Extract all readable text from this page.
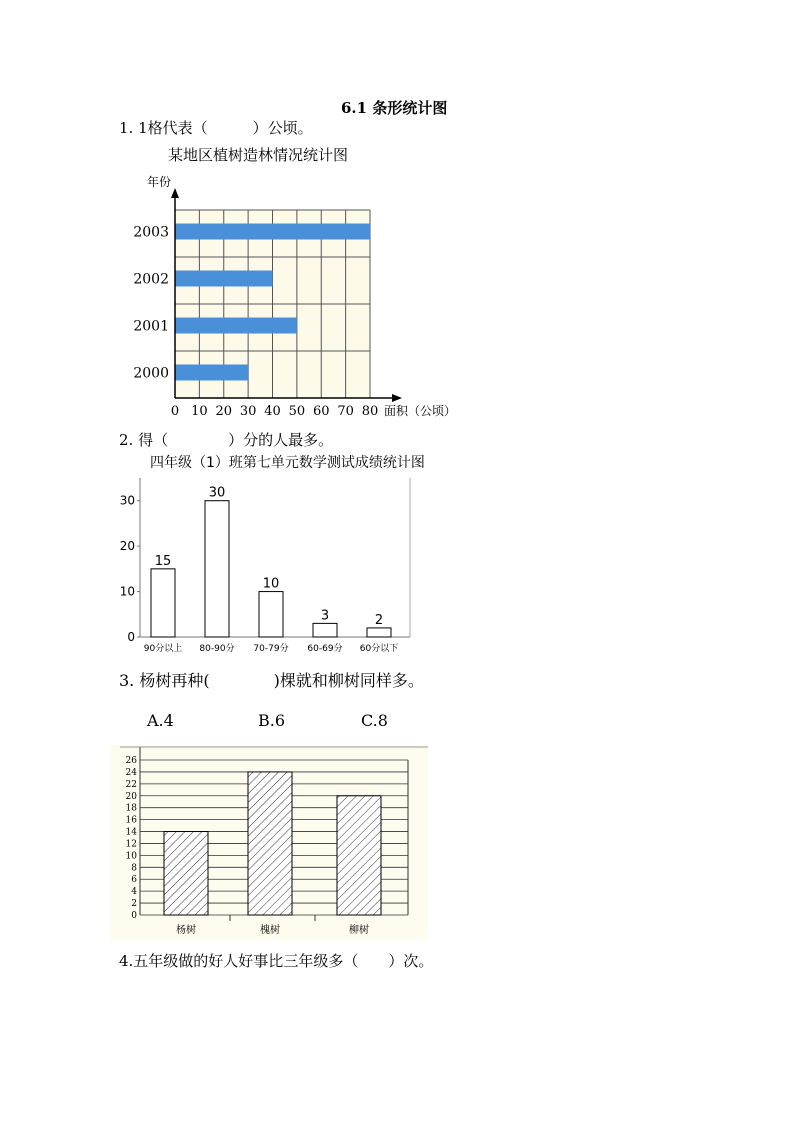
6.1 条形统计图
1. 1格代表（　　　）公顷。
某地区植树造林情况统计图
年份
0 10 20 30 40 50 60 70 80
2003
2002
2001
2000
面积（公顷）
2. 得（　　　　）分的人最多。
四年级（1）班第七单元数学测试成绩统计图
0
10
20
30
15
90分以上
30
80-90分
10
70-79分
3
60-69分
2
60分以下
3. 杨树再种(　　　　)棵就和柳树同样多。
A.4	B.6	C.8
0
2
4
6
8
10
12
14
16
18
20
22
24
26
杨树	槐树	柳树
4.五年级做的好人好事比三年级多（　　）次。
